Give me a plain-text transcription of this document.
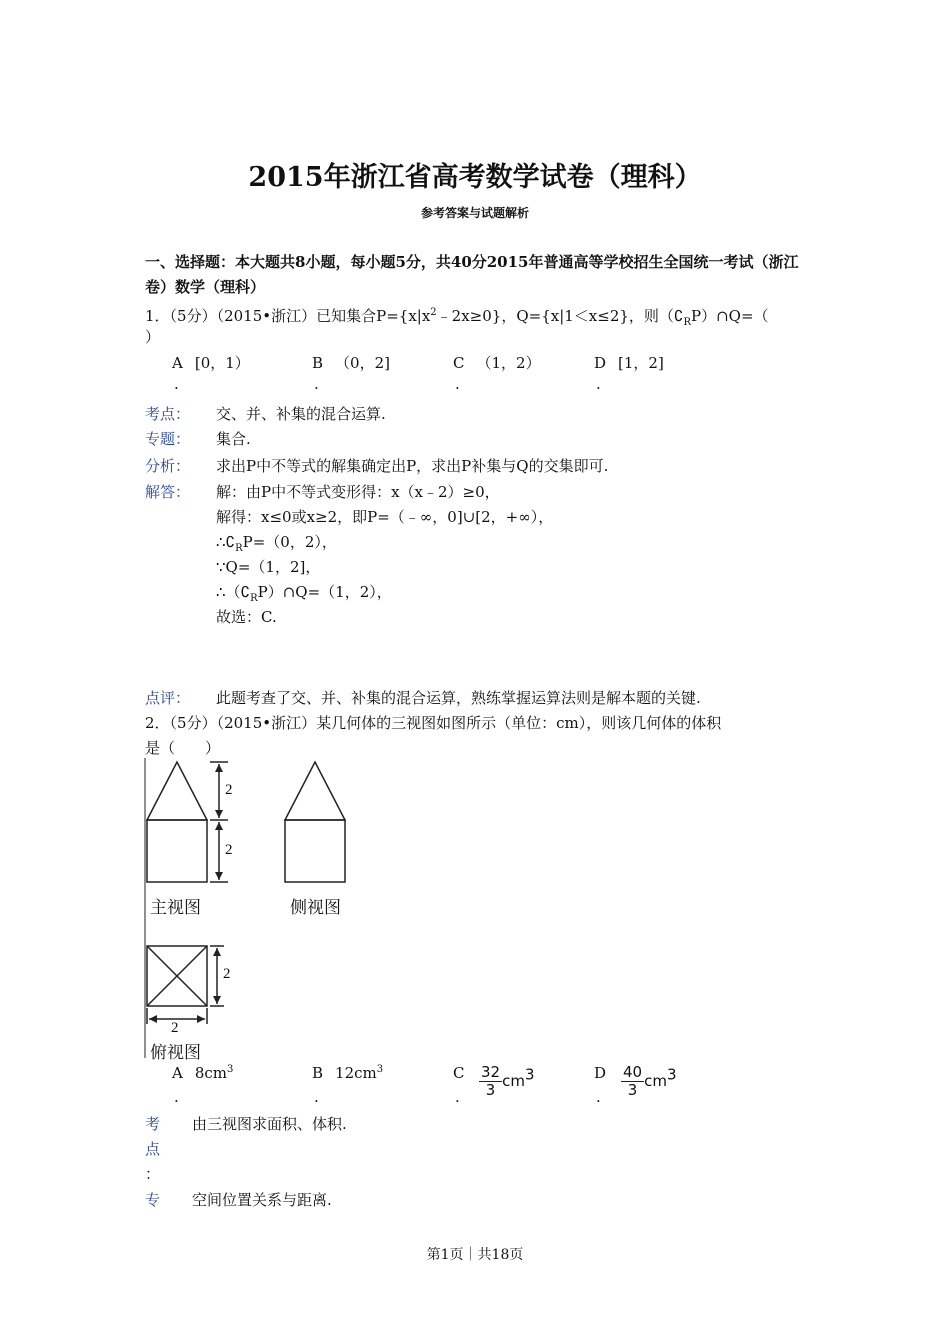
2015年浙江省高考数学试卷（理科）
参考答案与试题解析
一、选择题：本大题共8小题，每小题5分，共40分2015年普通高等学校招生全国统一考试（浙江卷）数学（理科）
1．（5分）（2015•浙江）已知集合$P=\{x|x^2﹣2x\ge 0\}$，Q={x|1＜x≤2}，则$(∁_RP)\cap Q=$（
）
A [0，1）	B （0，2]	C （1，2）	D [1，2]
.	.	.	.
考点： 交、并、补集的混合运算.
专题： 集合.
分析： 求出P中不等式的解集确定出P，求出P补集与Q的交集即可.
解答： 解：由P中不等式变形得：x（x﹣2）≥0，
解得：x≤0或x≥2，即P=（﹣∞，0]∪[2，+∞），
$\therefore∁_RP=(0$，2），
∵Q=（1，2]，
$\therefore(∁_RP)\cap Q=(1$，2），
故选：C.
点评： 此题考查了交、并、补集的混合运算，熟练掌握运算法则是解本题的关键.
2．（5分）（2015•浙江）某几何体的三视图如图所示（单位：cm），则该几何体的体积
是（　　）
2
2
2
2
主视图	侧视图
俯视图
A $8cm^3$	B $12cm^3$	C $\frac{32}{3} cm^3$	D $\frac{40}{3} cm^3$
.	.	.	.
考 由三视图求面积、体积.
点
：
专 空间位置关系与距离.
第1页｜共18页
